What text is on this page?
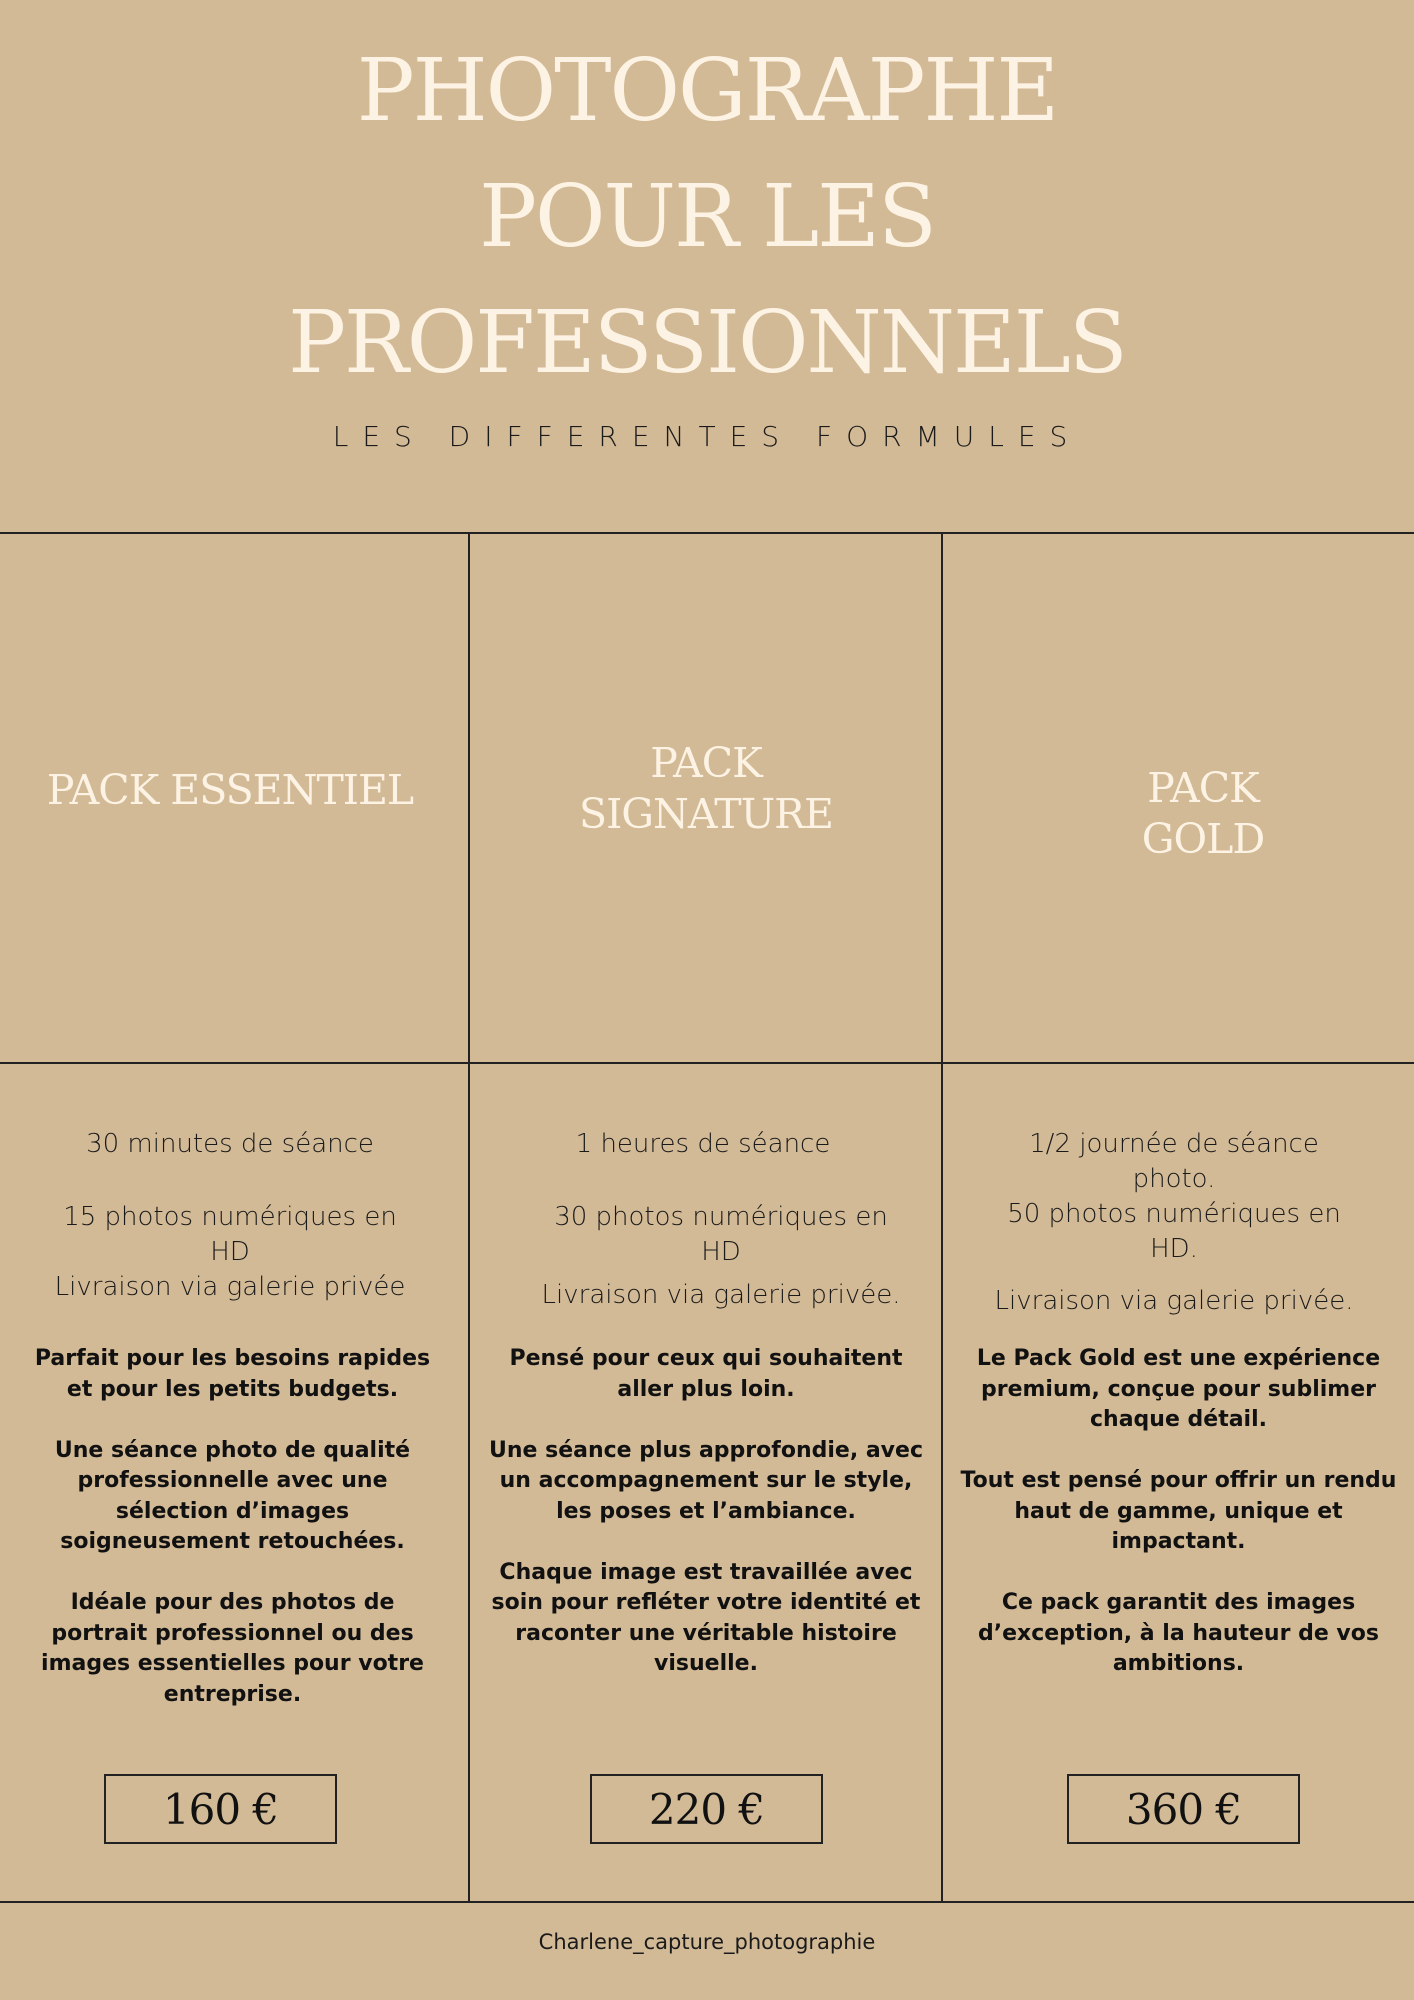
PHOTOGRAPHE
POUR LES
PROFESSIONNELS
LES DIFFERENTES FORMULES
PACK ESSENTIEL
30 minutes de séance
15 photos numériques en
HD
Livraison via galerie privée
Parfait pour les besoins rapides
et pour les petits budgets.
Une séance photo de qualité
professionnelle avec une
sélection d’images
soigneusement retouchées.
Idéale pour des photos de
portrait professionnel ou des
images essentielles pour votre
entreprise.
160 €
PACK
SIGNATURE
1 heures de séance
30 photos numériques en
HD
Livraison via galerie privée.
Pensé pour ceux qui souhaitent
aller plus loin.
Une séance plus approfondie, avec
un accompagnement sur le style,
les poses et l’ambiance.
Chaque image est travaillée avec
soin pour refléter votre identité et
raconter une véritable histoire
visuelle.
220 €
PACK
GOLD
1/2 journée de séance
photo.
50 photos numériques en
HD.
Livraison via galerie privée.
Le Pack Gold est une expérience
premium, conçue pour sublimer
chaque détail.
Tout est pensé pour offrir un rendu
haut de gamme, unique et
impactant.
Ce pack garantit des images
d’exception, à la hauteur de vos
ambitions.
360 €
Charlene_capture_photographie
